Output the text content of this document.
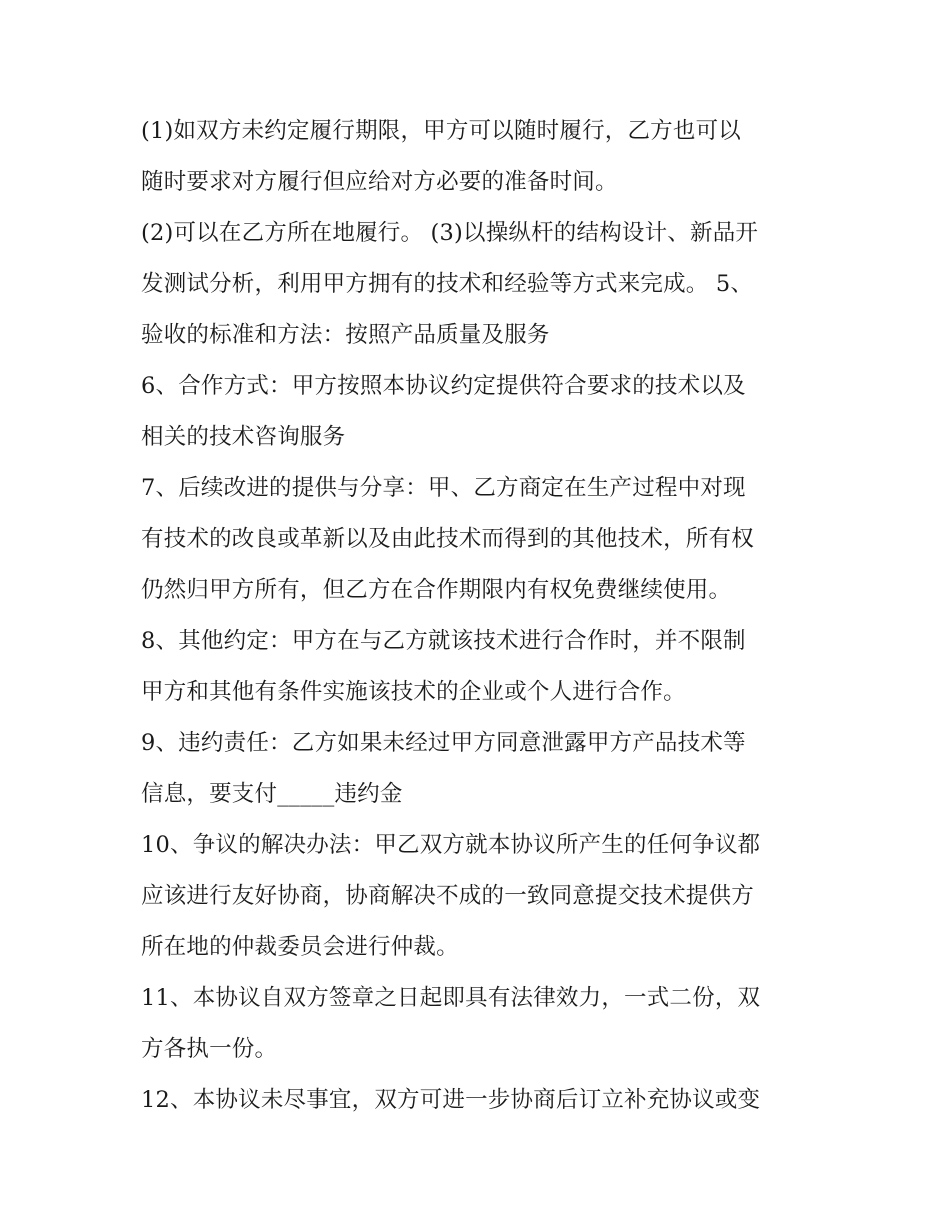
(1)如双方未约定履行期限，甲方可以随时履行，乙方也可以
随时要求对方履行但应给对方必要的准备时间。
(2)可以在乙方所在地履行。 (3)以操纵杆的结构设计、新品开
发测试分析，利用甲方拥有的技术和经验等方式来完成。 5、
验收的标准和方法：按照产品质量及服务
6、合作方式：甲方按照本协议约定提供符合要求的技术以及
相关的技术咨询服务
7、后续改进的提供与分享：甲、乙方商定在生产过程中对现
有技术的改良或革新以及由此技术而得到的其他技术，所有权
仍然归甲方所有，但乙方在合作期限内有权免费继续使用。
8、其他约定：甲方在与乙方就该技术进行合作时，并不限制
甲方和其他有条件实施该技术的企业或个人进行合作。
9、违约责任：乙方如果未经过甲方同意泄露甲方产品技术等
信息，要支付_____违约金
10、争议的解决办法：甲乙双方就本协议所产生的任何争议都
应该进行友好协商，协商解决不成的一致同意提交技术提供方
所在地的仲裁委员会进行仲裁。
11、本协议自双方签章之日起即具有法律效力，一式二份，双
方各执一份。
12、本协议未尽事宜，双方可进一步协商后订立补充协议或变
